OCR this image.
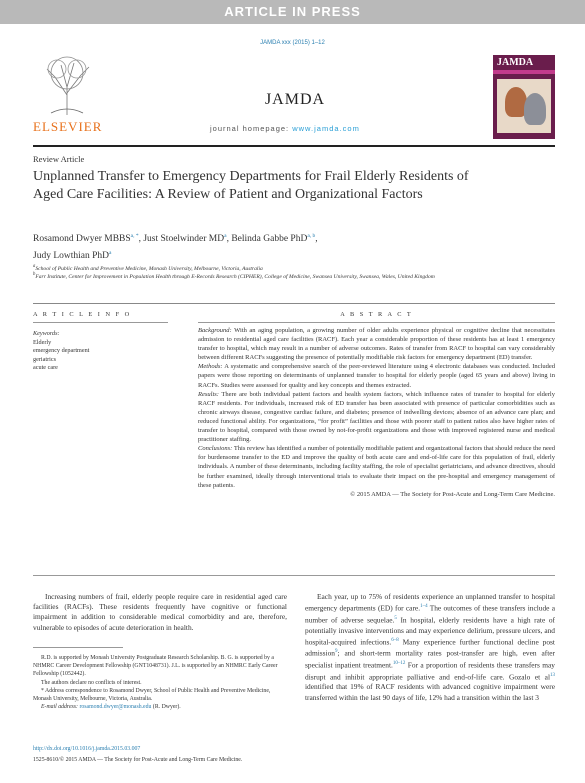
ARTICLE IN PRESS
JAMDA xxx (2015) 1–12
ELSEVIER
JAMDA
journal homepage: www.jamda.com
JAMDA
Review Article
Unplanned Transfer to Emergency Departments for Frail Elderly Residents of Aged Care Facilities: A Review of Patient and Organizational Factors
Rosamond Dwyer $MBBS^{a, *}$, Just Stoelwinder $MD^a$, Belinda Gabbe PhD$^{a, b}$,
Judy Lowthian PhD$^a$
$^a$School of Public Health and Preventive Medicine, Monash University, Melbourne, Victoria, Australia
$^b$Farr Institute, Center for Improvement in Population Health through E-Records Research (CIPHER), College of Medicine, Swansea University, Swansea, Wales, United Kingdom
A R T I C L E I N F O
Keywords:
Elderly
emergency department
geriatrics
acute care
A B S T R A C T

Background: With an aging population, a growing number of older adults experience physical or cognitive decline that necessitates admission to residential aged care facilities (RACF). Each year a considerable proportion of these residents has at least 1 emergency transfer to hospital, which may result in a number of adverse outcomes. Rates of transfer from RACF to hospital can vary considerably between different RACFs suggesting the presence of potentially modifiable risk factors for emergency department (ED) transfer.

Methods: A systematic and comprehensive search of the peer-reviewed literature using 4 electronic databases was conducted. Included papers were those reporting on determinants of unplanned transfer to hospital for elderly people (aged 65 years and above) living in RACFs. Studies were assessed for quality and key concepts and themes extracted.

Results: There are both individual patient factors and health system factors, which influence rates of transfer to hospital for elderly RACF residents. For individuals, increased risk of ED transfer has been associated with presence of particular comorbidities such as chronic airways disease, congestive cardiac failure, and diabetes; presence of indwelling devices; absence of an advance care plan; and reduced functional ability. For organizations, “for profit” facilities and those with poorer staff to patient ratios also have higher rates of transfer to hospital, compared with those owned by not-for-profit organizations and those with improved registered nurse and medical practitioner staffing.

Conclusions: This review has identified a number of potentially modifiable patient and organizational factors that should reduce the need for burdensome transfer to the ED and improve the quality of both acute care and end-of-life care for this population of frail, elderly individuals. A number of these determinants, including facility staffing, the role of specialist geriatricians, and advance directives, should be further examined, ideally through interventional trials to evaluate their impact on the pre-hospital and emergency management of these patients.

© 2015 AMDA — The Society for Post-Acute and Long-Term Care Medicine.

Increasing numbers of frail, elderly people require care in residential aged care facilities (RACFs). These residents frequently have cognitive or functional impairment in addition to considerable medical comorbidity and are, therefore, vulnerable to episodes of acute deterioration in health.
Each year, up to 75% of residents experience an unplanned transfer to hospital emergency departments (ED) for care.$^{1-4}$ The outcomes of these transfers include a number of adverse sequelae.$^5$ In hospital, elderly residents have a high rate of potentially invasive interventions and may experience delirium, pressure ulcers, and hospital-acquired infections.$^{6-8}$ Many experience further functional decline post admission$^9$; and short-term mortality rates post-transfer are high, even after specialist inpatient treatment.$^{10-12}$ For a proportion of residents these transfers may disrupt and inhibit appropriate palliative and end-of-life care. Gozalo et $al^{13}$ identified that 19% of RACF residents with advanced cognitive impairment were transferred within the last 90 days of life, 12% had a transition within the last 3

R.D. is supported by Monash University Postgraduate Research Scholarship. B. G. is supported by a NHMRC Career Development Fellowship (GNT1048731). J.L. is supported by an NHMRC Early Career Fellowship (1052442).

The authors declare no conflicts of interest.

* Address correspondence to Rosamond Dwyer, School of Public Health and Preventive Medicine, Monash University, Melbourne, Victoria, Australia.

E-mail address: rosamond.dwyer@monash.edu (R. Dwyer).

http://dx.doi.org/10.1016/j.jamda.2015.03.007
1525-8610/© 2015 AMDA — The Society for Post-Acute and Long-Term Care Medicine.
